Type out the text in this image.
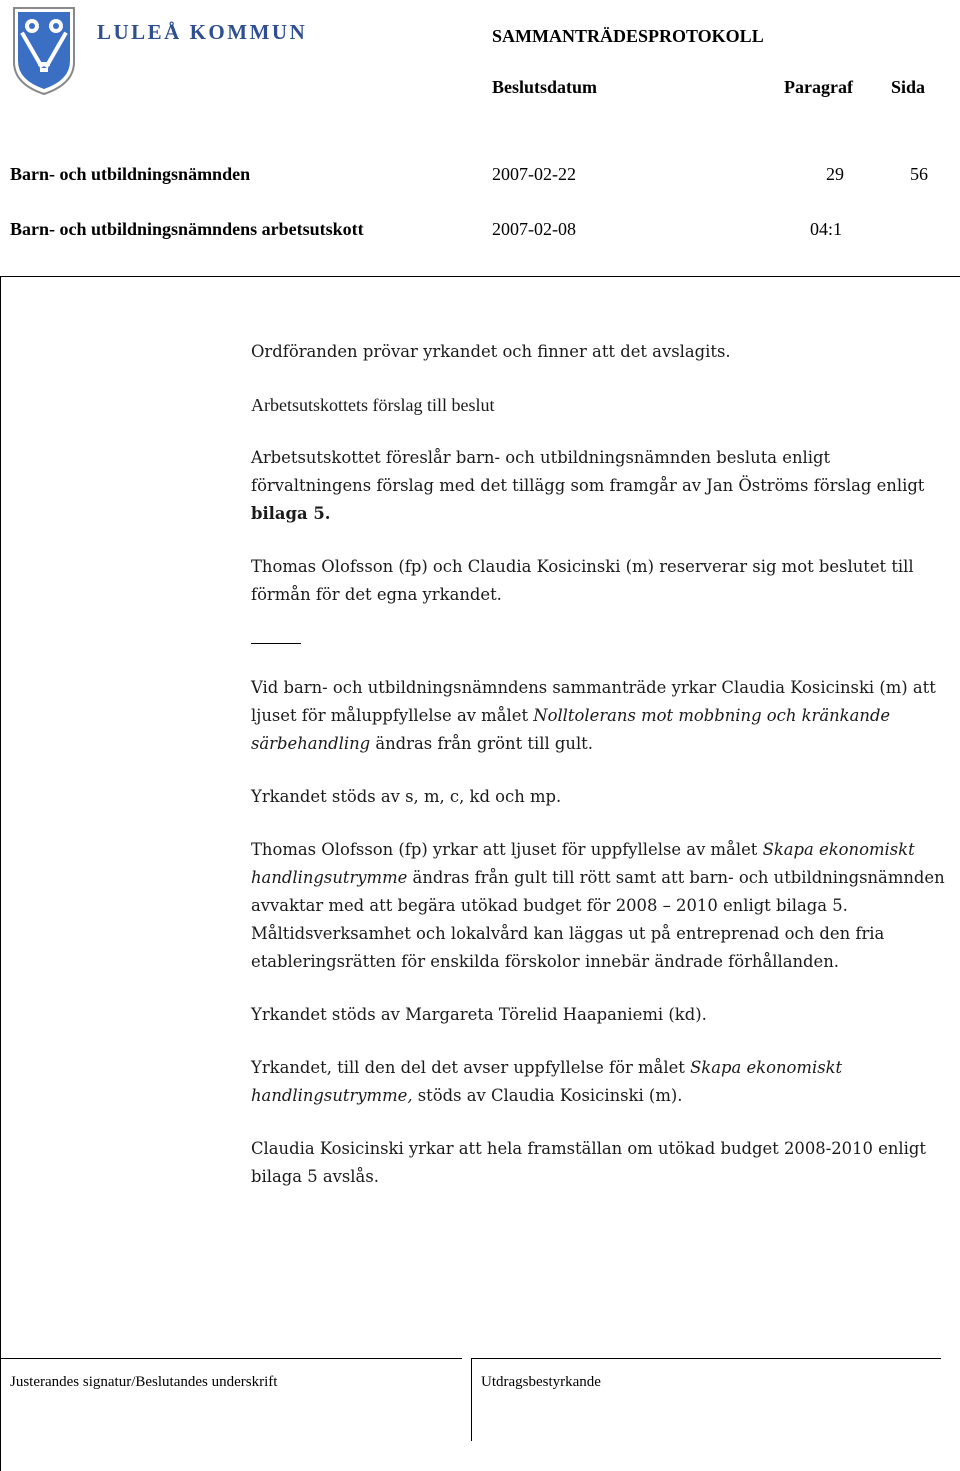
LULEÅ KOMMUN	SAMMANTRÄDESPROTOKOLL
Beslutsdatum	Paragraf Sida
Barn- och utbildningsnämnden	2007-02-22	29	56
Barn- och utbildningsnämndens arbetsutskott	2007-02-08	04:1

Ordföranden prövar yrkandet och finner att det avslagits.

Arbetsutskottets förslag till beslut

Arbetsutskottet föreslår barn- och utbildningsnämnden besluta enligt förvaltningens förslag med det tillägg som framgår av Jan Öströms förslag enligt bilaga 5.

Thomas Olofsson (fp) och Claudia Kosicinski (m) reserverar sig mot beslutet till förmån för det egna yrkandet.

Vid barn- och utbildningsnämndens sammanträde yrkar Claudia Kosicinski (m) att ljuset för måluppfyllelse av målet Nolltolerans mot mobbning och kränkande särbehandling ändras från grönt till gult.

Yrkandet stöds av s, m, c, kd och mp.

Thomas Olofsson (fp) yrkar att ljuset för uppfyllelse av målet Skapa ekonomiskt handlingsutrymme ändras från gult till rött samt att barn- och utbildningsnämnden avvaktar med att begära utökad budget för 2008 – 2010 enligt bilaga 5. Måltidsverksamhet och lokalvård kan läggas ut på entreprenad och den fria etableringsrätten för enskilda förskolor innebär ändrade förhållanden.

Yrkandet stöds av Margareta Törelid Haapaniemi (kd).

Yrkandet, till den del det avser uppfyllelse för målet Skapa ekonomiskt handlingsutrymme, stöds av Claudia Kosicinski (m).

Claudia Kosicinski yrkar att hela framställan om utökad budget 2008-2010 enligt bilaga 5 avslås.

Justerandes signatur/Beslutandes underskrift	Utdragsbestyrkande
